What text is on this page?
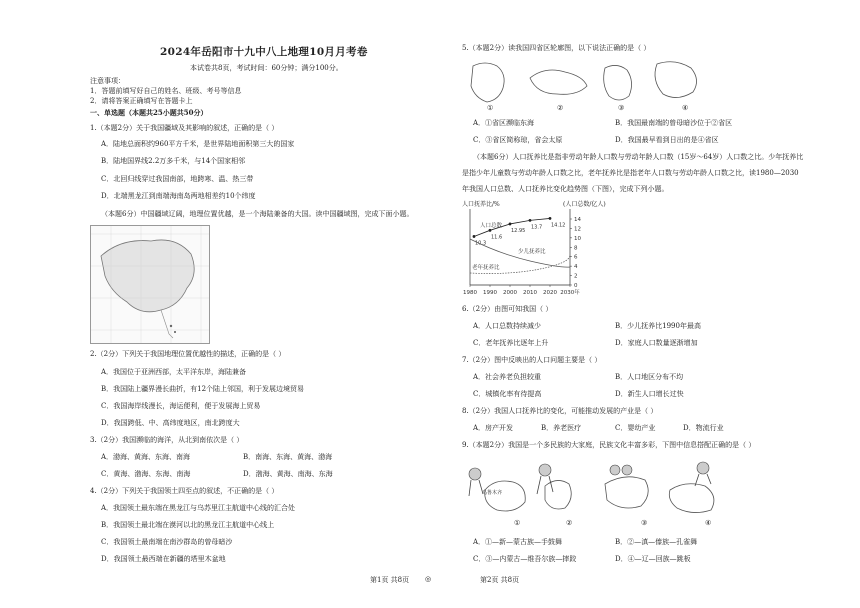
2024年岳阳市十九中八上地理10月月考卷
本试卷共8页，考试时间：60分钟；满分100分。
注意事项：
1．答题前填写好自己的姓名、班级、考号等信息
2．请将答案正确填写在答题卡上
一、单选题（本题共25小题共50分）
1.（本题2分）关于我国疆域及其影响的叙述，正确的是（ ）
A．陆地总面积约960平方千米，是世界陆地面积第三大的国家
B．陆地国界线2.2万多千米，与14个国家相邻
C．北回归线穿过我国南部，地跨寒、温、热三带
D．北端黑龙江到南端海南岛两地相差约10个纬度
（本题6分）中国疆域辽阔，地理位置优越，是一个海陆兼备的大国。读中国疆域图，完成下面小题。
2.（2分）下列关于我国地理位置优越性的描述，正确的是（ ）
A．我国位于亚洲西部，太平洋东岸，海陆兼备
B．我国陆上疆界漫长曲折，有12个陆上邻国，利于发展边境贸易
C．我国海岸线漫长，海运便利，便于发展海上贸易
D．我国跨低、中、高纬度地区，南北跨度大
3.（2分）我国濒临的海洋，从北到南依次是（ ）
A．渤海、黄海、东海、南海	B．南海、东海、黄海、渤海
C．黄海、渤海、东海、南海	D．渤海、黄海、南海、东海
4.（2分）下列关于我国领土四至点的叙述，不正确的是（ ）
A．我国领土最东端在黑龙江与乌苏里江主航道中心线的汇合处
B．我国领土最北端在漠河以北的黑龙江主航道中心线上
C．我国领土最南端在南沙群岛的曾母暗沙
D．我国领土最西端在新疆的塔里木盆地
5.（本题2分）读我国四省区轮廓图，以下说法正确的是（ ）
①	②	③	④
A．①省区濒临东海	B．我国最南端的曾母暗沙位于②省区
C．③省区简称琼，省会太原	D．我国最早看到日出的是④省区
（本题6分）人口抚养比是指非劳动年龄人口数与劳动年龄人口数（15岁～64岁）人口数之比。少年抚养比
是指少年儿童数与劳动年龄人口数之比，老年抚养比是指老年人口数与劳动年龄人口数之比，读1980—2030
年我国人口总数、人口抚养比变化趋势图（下图），完成下列小题。
1980 1990 2000 2010 2020 2030年
14
12
10
8
6
4
2
0
10.3
11.6
12.95
13.7 14.12
人口总数
少儿抚养比
老年抚养比
人口抚养比/%	(人口总数/亿人)
6.（2分）由图可知我国（ ）
A．人口总数持续减少	B．少儿抚养比1990年最高
C．老年抚养比逐年上升	D．家庭人口数量逐渐增加
7.（2分）图中反映出的人口问题主要是（ ）
A．社会养老负担较重	B．人口地区分布不均
C．城镇化率有待提高	D．新生人口增长过快
8.（2分）我国人口抚养比的变化，可能推动发展的产业是（ ）
A．房产开发	B．养老医疗	C．婴幼产业	D．物流行业
9.（本题2分）我国是一个多民族的大家庭，民族文化丰富多彩，下图中信息搭配正确的是（ ）
乌鲁木齐
①	②	③	④
A．①—新—蒙古族—手鼓舞	B．②—滇—傣族—孔雀舞
C．③—内蒙古—维吾尔族—摔跤	D．④—辽—回族—跳板
第1页 共8页 ◎	第2页 共8页
